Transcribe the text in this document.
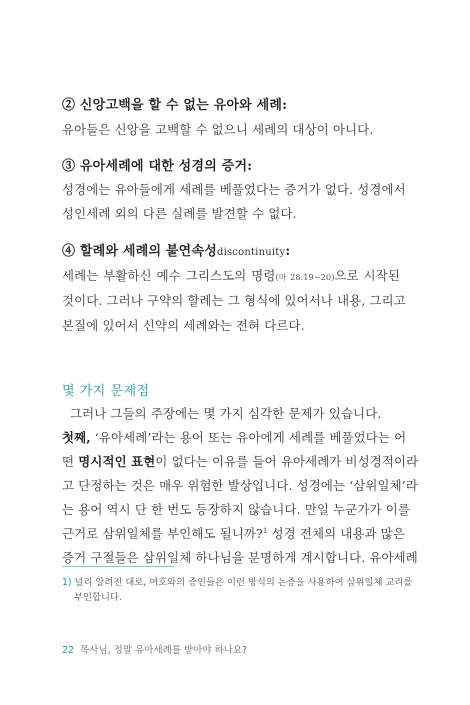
② 신앙고백을 할 수 없는 유아와 세례:
유아들은 신앙을 고백할 수 없으니 세례의 대상이 아니다.
③ 유아세례에 대한 성경의 증거:
성경에는 유아들에게 세례를 베풀었다는 증거가 없다. 성경에서
성인세례 외의 다른 실례를 발견할 수 없다.
④ 할례와 세례의 불연속성discontinuity:
세례는 부활하신 예수 그리스도의 명령(마 28:19~20)으로 시작된
것이다. 그러나 구약의 할례는 그 형식에 있어서나 내용, 그리고
본질에 있어서 신약의 세례와는 전혀 다르다.
몇 가지 문제점
그러나 그들의 주장에는 몇 가지 심각한 문제가 있습니다.
첫째, ‘유아세례’라는 용어 또는 유아에게 세례를 베풀었다는 어
떤 명시적인 표현이 없다는 이유를 들어 유아세례가 비성경적이라
고 단정하는 것은 매우 위험한 발상입니다. 성경에는 ‘삼위일체’라
는 용어 역시 단 한 번도 등장하지 않습니다. 만일 누군가가 이를
근거로 삼위일체를 부인해도 될니까?$^1$ 성경 전체의 내용과 많은
증거 구절들은 삼위일체 하나님을 분명하게 계시합니다. 유아세례
1) 널리 알려진 대로, 여호와의 증인들은 이런 방식의 논증을 사용하여 삼위일체 교리를
부인합니다.
22 목사님, 정말 유아세례를 받아야 하나요?
